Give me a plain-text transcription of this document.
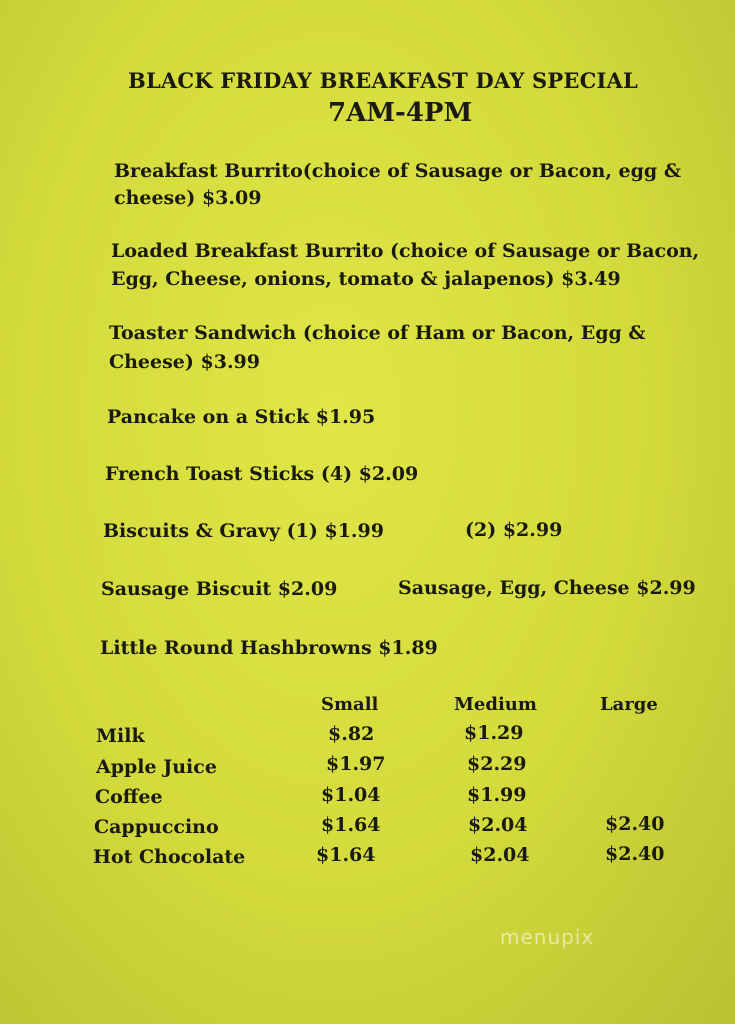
BLACK FRIDAY BREAKFAST DAY SPECIAL
7AM-4PM
Breakfast Burrito(choice of Sausage or Bacon, egg &
cheese) $3.09
Loaded Breakfast Burrito (choice of Sausage or Bacon,
Egg, Cheese, onions, tomato & jalapenos) $3.49
Toaster Sandwich (choice of Ham or Bacon, Egg &
Cheese) $3.99
Pancake on a Stick $1.95
French Toast Sticks (4) $2.09
Biscuits & Gravy (1) $1.99	(2) $2.99
Sausage Biscuit $2.09	Sausage, Egg, Cheese $2.99
Little Round Hashbrowns $1.89
Small	Medium	Large
Milk	$.82	$1.29
Apple Juice	$1.97	$2.29
Coffee	$1.04	$1.99
Cappuccino	$1.64	$2.04	$2.40
Hot Chocolate	$1.64	$2.04	$2.40
menupix
